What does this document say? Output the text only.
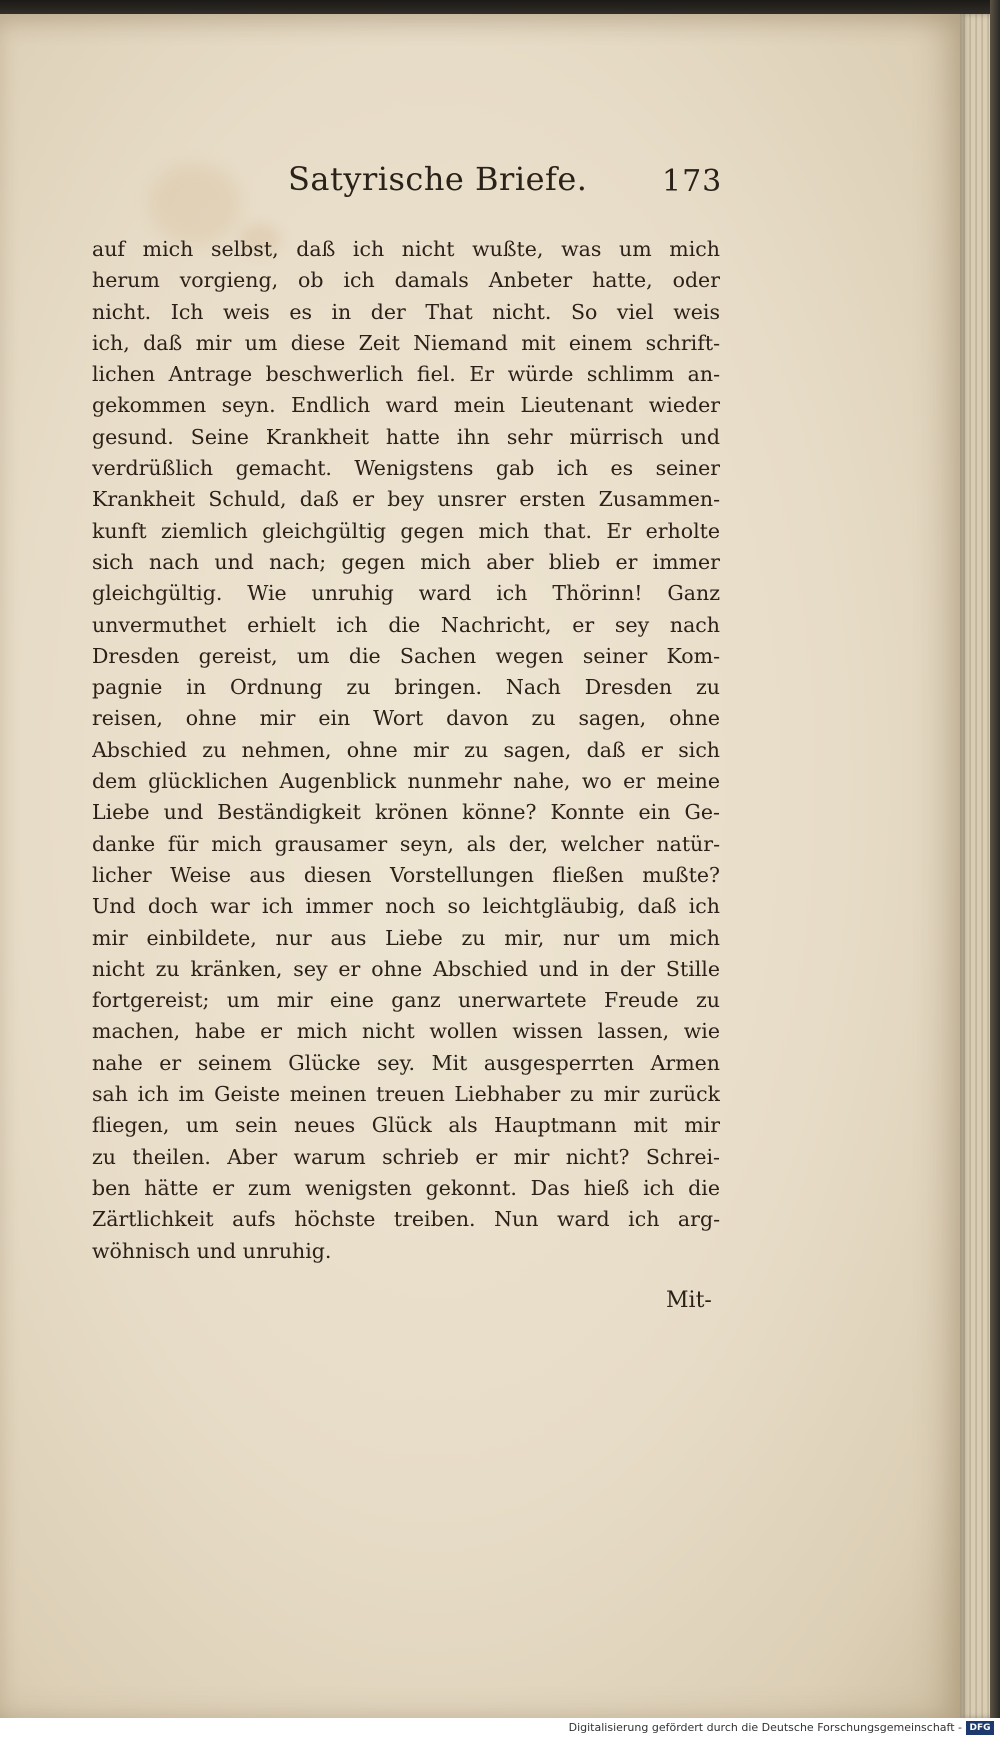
Satyrische Briefe. 173
auf mich selbst, daß ich nicht wußte, was um mich
herum vorgieng, ob ich damals Anbeter hatte, oder
nicht. Ich weis es in der That nicht. So viel weis
ich, daß mir um diese Zeit Niemand mit einem schrift-
lichen Antrage beschwerlich fiel. Er würde schlimm an-
gekommen seyn. Endlich ward mein Lieutenant wieder
gesund. Seine Krankheit hatte ihn sehr mürrisch und
verdrüßlich gemacht. Wenigstens gab ich es seiner
Krankheit Schuld, daß er bey unsrer ersten Zusammen-
kunft ziemlich gleichgültig gegen mich that. Er erholte
sich nach und nach; gegen mich aber blieb er immer
gleichgültig. Wie unruhig ward ich Thörinn! Ganz
unvermuthet erhielt ich die Nachricht, er sey nach
Dresden gereist, um die Sachen wegen seiner Kom-
pagnie in Ordnung zu bringen. Nach Dresden zu
reisen, ohne mir ein Wort davon zu sagen, ohne
Abschied zu nehmen, ohne mir zu sagen, daß er sich
dem glücklichen Augenblick nunmehr nahe, wo er meine
Liebe und Beständigkeit krönen könne? Konnte ein Ge-
danke für mich grausamer seyn, als der, welcher natür-
licher Weise aus diesen Vorstellungen fließen mußte?
Und doch war ich immer noch so leichtgläubig, daß ich
mir einbildete, nur aus Liebe zu mir, nur um mich
nicht zu kränken, sey er ohne Abschied und in der Stille
fortgereist; um mir eine ganz unerwartete Freude zu
machen, habe er mich nicht wollen wissen lassen, wie
nahe er seinem Glücke sey. Mit ausgesperrten Armen
sah ich im Geiste meinen treuen Liebhaber zu mir zurück
fliegen, um sein neues Glück als Hauptmann mit mir
zu theilen. Aber warum schrieb er mir nicht? Schrei-
ben hätte er zum wenigsten gekonnt. Das hieß ich die
Zärtlichkeit aufs höchste treiben. Nun ward ich arg-
wöhnisch und unruhig.
Mit-
Digitalisierung gefördert durch die Deutsche Forschungsgemeinschaft - DFG
